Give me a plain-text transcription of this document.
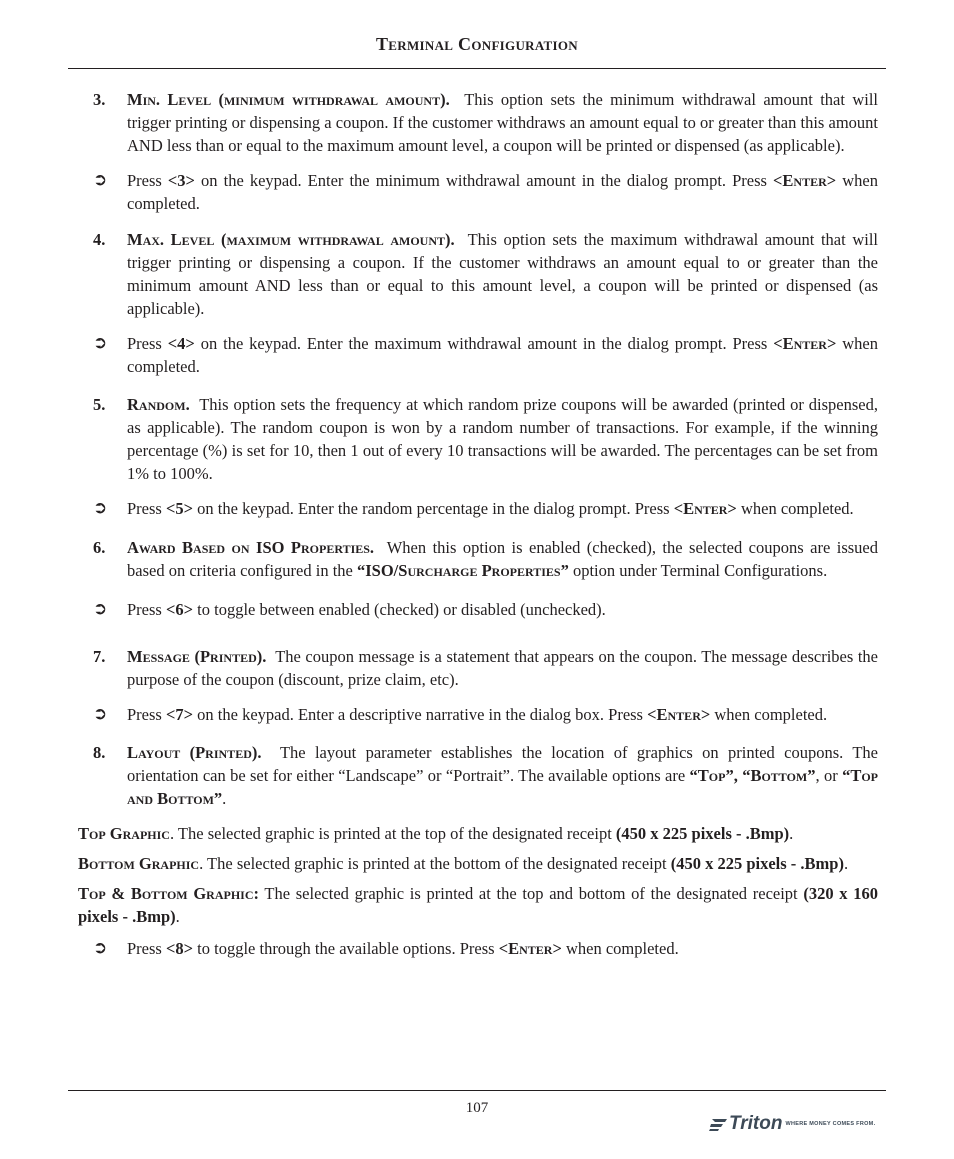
Terminal Configuration
3. Min. Level (minimum withdrawal amount). This option sets the minimum withdrawal amount that will trigger printing or dispensing a coupon. If the customer withdraws an amount equal to or greater than this amount AND less than or equal to the maximum amount level, a coupon will be printed or dispensed (as applicable).
➲ Press <3> on the keypad. Enter the minimum withdrawal amount in the dialog prompt. Press <Enter> when completed.
4. Max. Level (maximum withdrawal amount). This option sets the maximum withdrawal amount that will trigger printing or dispensing a coupon. If the customer withdraws an amount equal to or greater than the minimum amount AND less than or equal to this amount level, a coupon will be printed or dispensed (as applicable).
➲ Press <4> on the keypad. Enter the maximum withdrawal amount in the dialog prompt. Press <Enter> when completed.
5. Random. This option sets the frequency at which random prize coupons will be awarded (printed or dispensed, as applicable). The random coupon is won by a random number of transactions. For example, if the winning percentage (%) is set for 10, then 1 out of every 10 transactions will be awarded. The percentages can be set from 1% to 100%.
➲ Press <5> on the keypad. Enter the random percentage in the dialog prompt. Press <Enter> when completed.
6. Award Based on ISO Properties. When this option is enabled (checked), the selected coupons are issued based on criteria configured in the “ISO/Surcharge Properties” option under Terminal Configurations.
➲ Press <6> to toggle between enabled (checked) or disabled (unchecked).
7. Message (Printed). The coupon message is a statement that appears on the coupon. The message describes the purpose of the coupon (discount, prize claim, etc).
➲ Press <7> on the keypad. Enter a descriptive narrative in the dialog box. Press <Enter> when completed.
8. Layout (Printed). The layout parameter establishes the location of graphics on printed coupons. The orientation can be set for either “Landscape” or “Portrait”. The available options are “Top”, “Bottom”, or “Top and Bottom”.
Top Graphic. The selected graphic is printed at the top of the designated receipt (450 x 225 pixels - .Bmp).
Bottom Graphic. The selected graphic is printed at the bottom of the designated receipt (450 x 225 pixels - .Bmp).
Top & Bottom Graphic: The selected graphic is printed at the top and bottom of the designated receipt (320 x 160 pixels - .Bmp).
➲ Press <8> to toggle through the available options. Press <Enter> when completed.
107
Triton WHERE MONEY COMES FROM.
